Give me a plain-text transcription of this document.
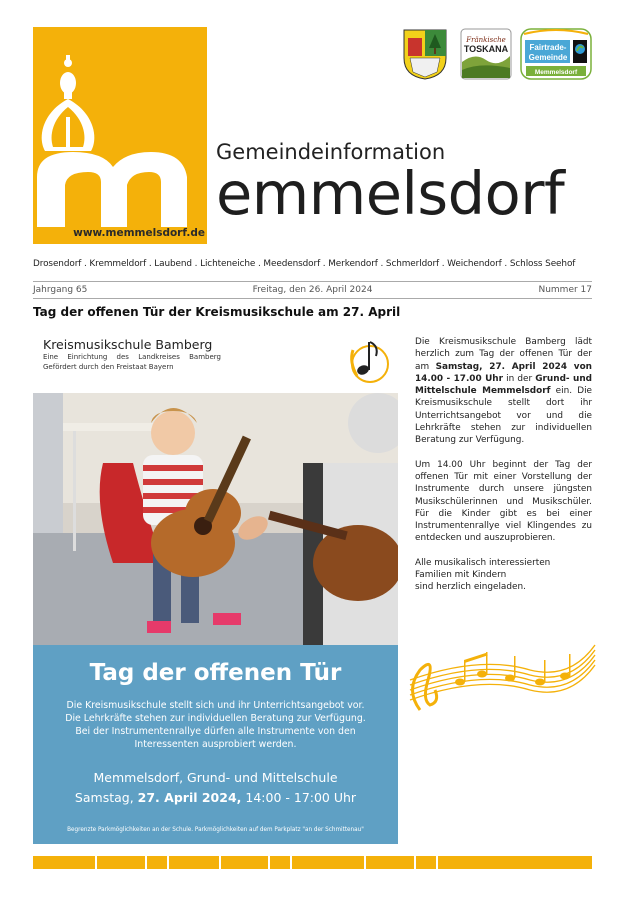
www.memmelsdorf.de
Gemeindeinformation
emmelsdorf
Fränkische
TOSKANA	Fairtrade-
Gemeinde
Memmelsdorf
Drosendorf . Kremmeldorf . Laubend . Lichteneiche . Meedensdorf . Merkendorf . Schmerldorf . Weichendorf . Schloss Seehof
Jahrgang 65	Freitag, den 26. April 2024	Nummer 17
Tag der offenen Tür der Kreismusikschule am 27. April
Kreismusikschule Bamberg
Eine Einrichtung des Landkreises Bamberg
Gefördert durch den Freistaat Bayern
Tag der offenen Tür
Die Kreismusikschule stellt sich und ihr Unterrichtsangebot vor.
Die Lehrkräfte stehen zur individuellen Beratung zur Verfügung.
Bei der Instrumentenrallye dürfen alle Instrumente von den
Interessenten ausprobiert werden.
Memmelsdorf, Grund- und Mittelschule
Samstag, 27. April 2024, 14:00 - 17:00 Uhr
Begrenzte Parkmöglichkeiten an der Schule. Parkmöglichkeiten auf dem Parkplatz "an der Schmittenau"

Die Kreismusikschule Bamberg lädt herzlich zum Tag der offenen Tür der am Samstag, 27. April 2024 von 14.00 - 17.00 Uhr in der Grund- und Mittelschule Memmelsdorf ein. Die Kreismusikschule stellt dort ihr Unterrichtsangebot vor und die Lehrkräfte stehen zur individuellen Beratung zur Verfügung.

Um 14.00 Uhr beginnt der Tag der offenen Tür mit einer Vorstellung der Instrumente durch unsere jüngsten Musikschülerinnen und Musikschüler. Für die Kinder gibt es bei einer Instrumentenrallye viel Klingendes zu entdecken und auszuprobieren.

Alle musikalisch interessierten
Familien mit Kindern
sind herzlich eingeladen.
